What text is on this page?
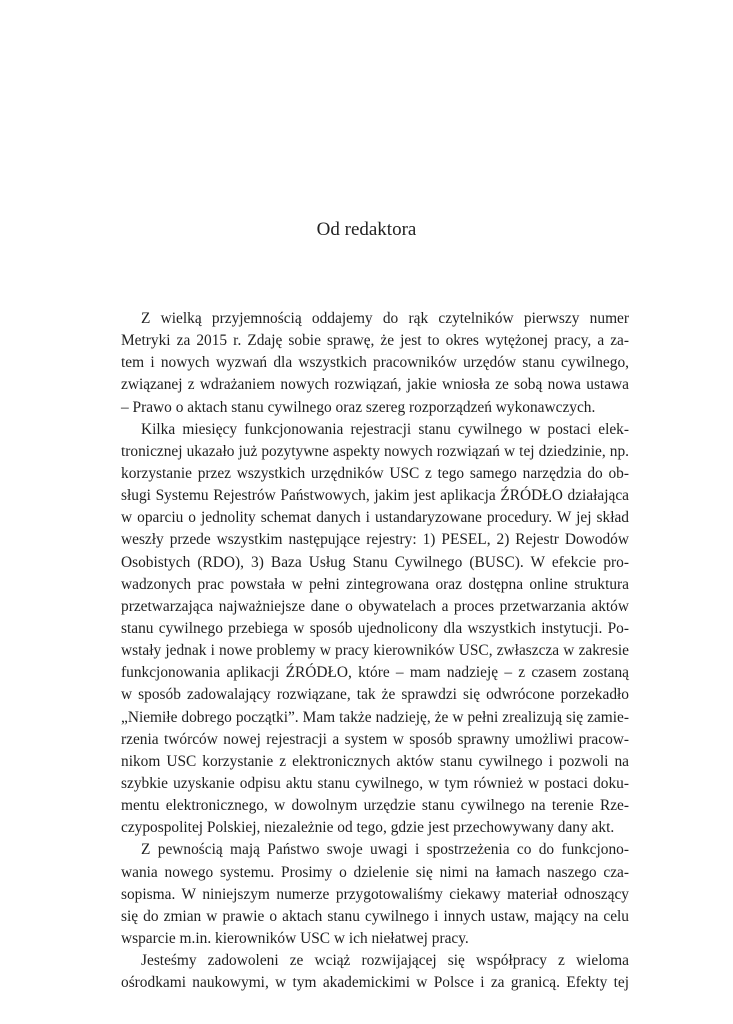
Od redaktora
Z wielką przyjemnością oddajemy do rąk czytelników pierwszy numer
Metryki za 2015 r. Zdaję sobie sprawę, że jest to okres wytężonej pracy, a za-
tem i nowych wyzwań dla wszystkich pracowników urzędów stanu cywilnego,
związanej z wdrażaniem nowych rozwiązań, jakie wniosła ze sobą nowa ustawa
– Prawo o aktach stanu cywilnego oraz szereg rozporządzeń wykonawczych.
Kilka miesięcy funkcjonowania rejestracji stanu cywilnego w postaci elek-
tronicznej ukazało już pozytywne aspekty nowych rozwiązań w tej dziedzinie, np.
korzystanie przez wszystkich urzędników USC z tego samego narzędzia do ob-
sługi Systemu Rejestrów Państwowych, jakim jest aplikacja ŹRÓDŁO działająca
w oparciu o jednolity schemat danych i ustandaryzowane procedury. W jej skład
weszły przede wszystkim następujące rejestry: 1) PESEL, 2) Rejestr Dowodów
Osobistych (RDO), 3) Baza Usług Stanu Cywilnego (BUSC). W efekcie pro-
wadzonych prac powstała w pełni zintegrowana oraz dostępna online struktura
przetwarzająca najważniejsze dane o obywatelach a proces przetwarzania aktów
stanu cywilnego przebiega w sposób ujednolicony dla wszystkich instytucji. Po-
wstały jednak i nowe problemy w pracy kierowników USC, zwłaszcza w zakresie
funkcjonowania aplikacji ŹRÓDŁO, które – mam nadzieję – z czasem zostaną
w sposób zadowalający rozwiązane, tak że sprawdzi się odwrócone porzekadło
„Niemiłe dobrego początki”. Mam także nadzieję, że w pełni zrealizują się zamie-
rzenia twórców nowej rejestracji a system w sposób sprawny umożliwi pracow-
nikom USC korzystanie z elektronicznych aktów stanu cywilnego i pozwoli na
szybkie uzyskanie odpisu aktu stanu cywilnego, w tym również w postaci doku-
mentu elektronicznego, w dowolnym urzędzie stanu cywilnego na terenie Rze-
czypospolitej Polskiej, niezależnie od tego, gdzie jest przechowywany dany akt.
Z pewnością mają Państwo swoje uwagi i spostrzeżenia co do funkcjono-
wania nowego systemu. Prosimy o dzielenie się nimi na łamach naszego cza-
sopisma. W niniejszym numerze przygotowaliśmy ciekawy materiał odnoszący
się do zmian w prawie o aktach stanu cywilnego i innych ustaw, mający na celu
wsparcie m.in. kierowników USC w ich niełatwej pracy.
Jesteśmy zadowoleni ze wciąż rozwijającej się współpracy z wieloma
ośrodkami naukowymi, w tym akademickimi w Polsce i za granicą. Efekty tej
